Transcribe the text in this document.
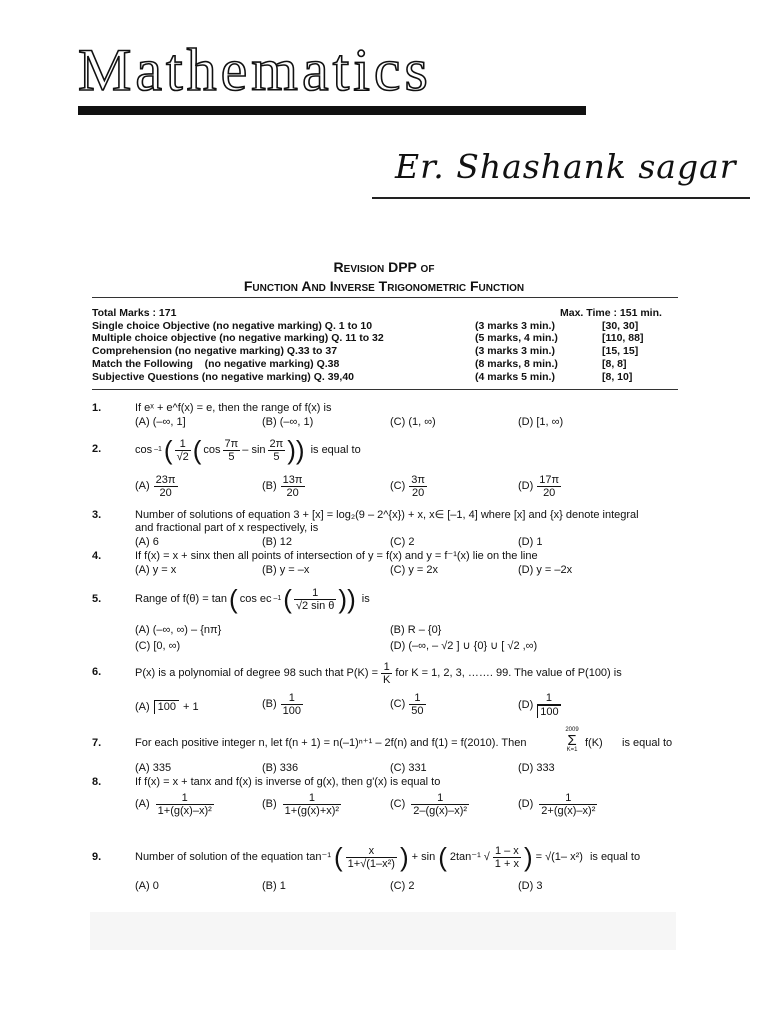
Mathematics
Er. Shashank sagar
Revision DPP of
Function And Inverse Trigonometric Function
Total Marks : 171	Max. Time : 151 min.
Single choice Objective (no negative marking) Q. 1 to 10	(3 marks 3 min.)	[30, 30]
Multiple choice objective (no negative marking) Q. 11 to 32	(5 marks, 4 min.)	[110, 88]
Comprehension (no negative marking) Q.33 to 37	(3 marks 3 min.)	[15, 15]
Match the Following    (no negative marking) Q.38	(8 marks, 8 min.)	[8, 8]
Subjective Questions (no negative marking) Q. 39,40	(4 marks 5 min.)	[8, 10]
1.	If eˣ + e^f(x) = e, then the range of f(x) is
(A) (–∞, 1]	(B) (–∞, 1)	(C) (1, ∞)	(D) [1, ∞)
2.	cos –1 ( $\frac{1}{√2}$ ( $\cos \frac{7\pi}{5}$ – $\sin \frac{2\pi}{5}$ )) is equal to
$(A) \frac{23\pi}{20}$	$(B) \frac{13\pi}{20}$	$(C) \frac{3\pi}{20}$	$(D) \frac{17\pi}{20}$
3.	Number of solutions of equation 3 + [x] = log₂(9 – 2^{x}) + x, x∈ [–1, 4] where [x] and {x} denote integral
and fractional part of x respectively, is
(A) 6	(B) 12	(C) 2	(D) 1
4.	If f(x) = x + sinx then all points of intersection of y = f(x) and y = f⁻¹(x) lie on the line
(A) y = x	(B) y = –x	(C) y = 2x	(D) y = –2x
5.	Range of f(θ) = tan ( cos ec –1 ( $\frac{1}{\text{√2 sin θ}}$ )) is
(A) (–∞, ∞) – {nπ}	(B) R – {0}
(C) [0, ∞)	(D) (–∞, – √2 ] ∪ {0} ∪ [ √2 ,∞)
6.	P(x) is a polynomial of degree 98 such that $P(K) = \frac{1}{K}$ for K = 1, 2, 3, ……. 99. The value of P(100) is
(A) 100 + 1	$(B) \frac{1}{100}$	$(C) \frac{1}{50}$	$(D) \frac{1}{100}$
7.	For each positive integer n, let f(n + 1) = n(–1)ⁿ⁺¹ – 2f(n) and f(1) = f(2010). Then
2009
Σ
K=1
f(K) is equal to
(A) 335	(B) 336	(C) 331	(D) 333
8.	If f(x) = x + tanx and f(x) is inverse of g(x), then g'(x) is equal to
$(A) \frac{1}{\text{1+(g(x)–x)²}}$	$(B) \frac{1}{\text{1+(g(x)+x)²}}$	$(C) \frac{1}{\text{2–(g(x)–x)²}}$	$(D) \frac{1}{\text{2+(g(x)–x)²}}$
9.	Number of solution of the equation tan⁻¹ ( $\frac{x}{\text{1+√(1–x²)}}$ ) + sin ( 2tan⁻¹ √ $\frac{1 - x}{1 + x}$ ) = √(1– x²) is equal to
(A) 0	(B) 1	(C) 2	(D) 3
